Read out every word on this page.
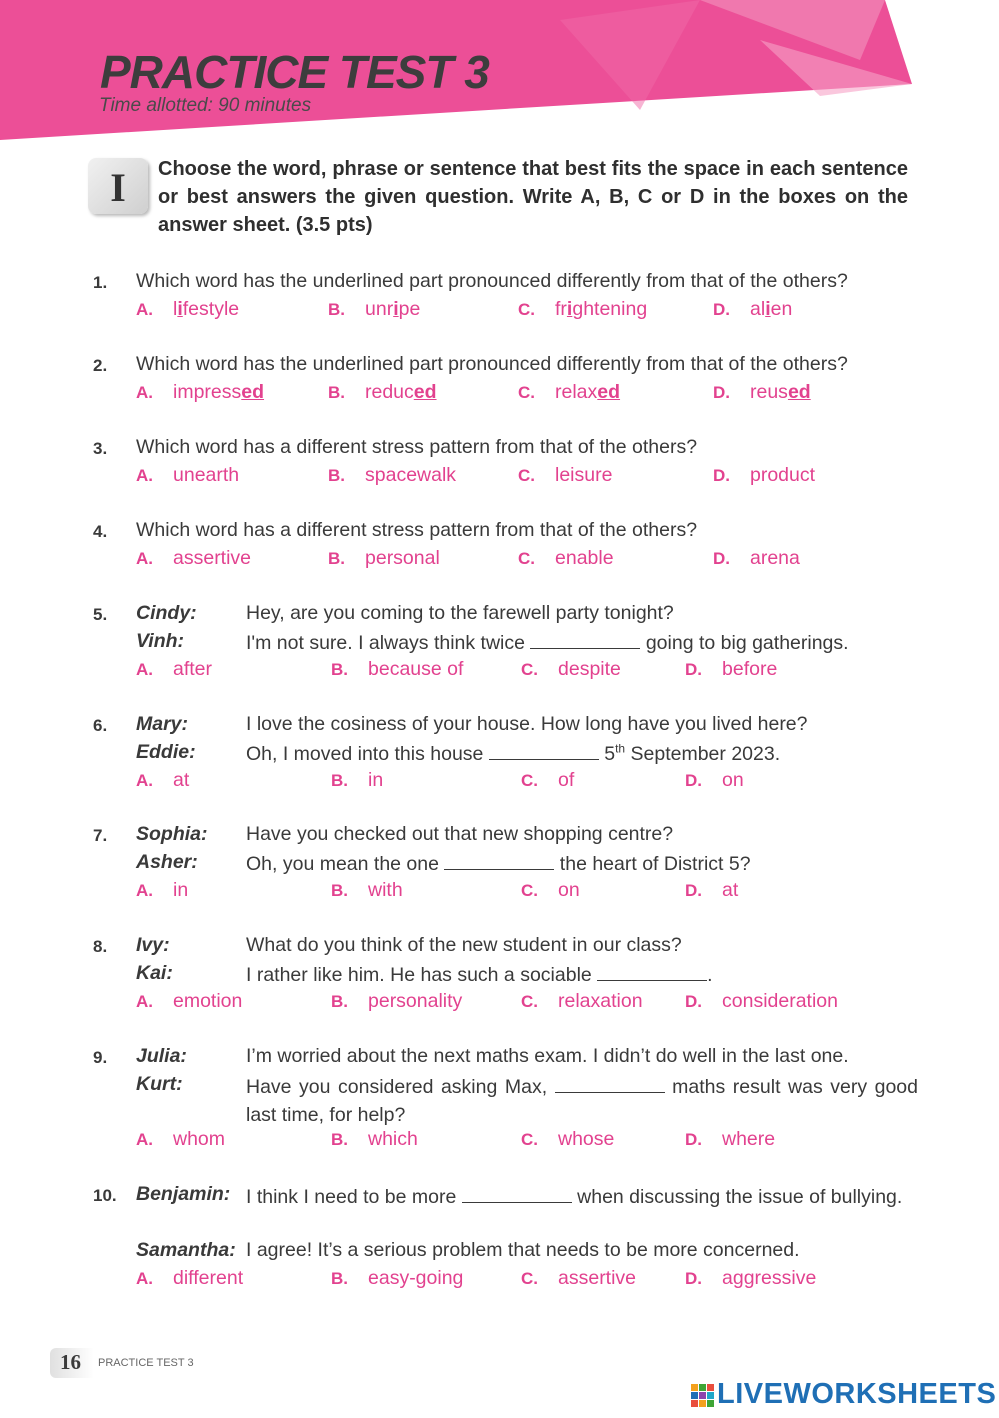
PRACTICE TEST 3
Time allotted: 90 minutes
I	Choose the word, phrase or sentence that best fits the space in each sentence or best answers the given question. Write A, B, C or D in the boxes on the answer sheet. (3.5 pts)

1. Which word has the underlined part pronounced differently from that of the others?
A. lifestyle	B. unripe	C. frightening	D. alien
2. Which word has the underlined part pronounced differently from that of the others?
A. impressed	B. reduced	C. relaxed	D. reused
3. Which word has a different stress pattern from that of the others?
A. unearth	B. spacewalk	C. leisure	D. product
4. Which word has a different stress pattern from that of the others?
A. assertive	B. personal	C. enable	D. arena
5. Cindy:	Hey, are you coming to the farewell party tonight?
Vinh:	I'm not sure. I always think twice	going to big gatherings.
A. after	B. because of	C. despite	D. before
6. Mary:	I love the cosiness of your house. How long have you lived here?
Eddie:	Oh, I moved into this house	5th September 2023.
A. at	B. in	C. of	D. on
7. Sophia: Have you checked out that new shopping centre?
Asher: Oh, you mean the one	the heart of District 5?
A. in	B. with	C. on	D. at
8. Ivy:	What do you think of the new student in our class?
Kai:	I rather like him. He has such a sociable	.
A. emotion	B. personality	C. relaxation D. consideration
9. Julia:	I’m worried about the next maths exam. I didn’t do well in the last one.
Kurt:	Have you considered asking Max,	maths result was very good last time, for help?
A. whom	B. which	C. whose	D. where
10. Benjamin: I think I need to be more	when discussing the issue of bullying.
Samantha: I agree! It’s a serious problem that needs to be more concerned.
A. different	B. easy-going	C. assertive	D. aggressive
16 PRACTICE TEST 3
LIVEWORKSHEETS
